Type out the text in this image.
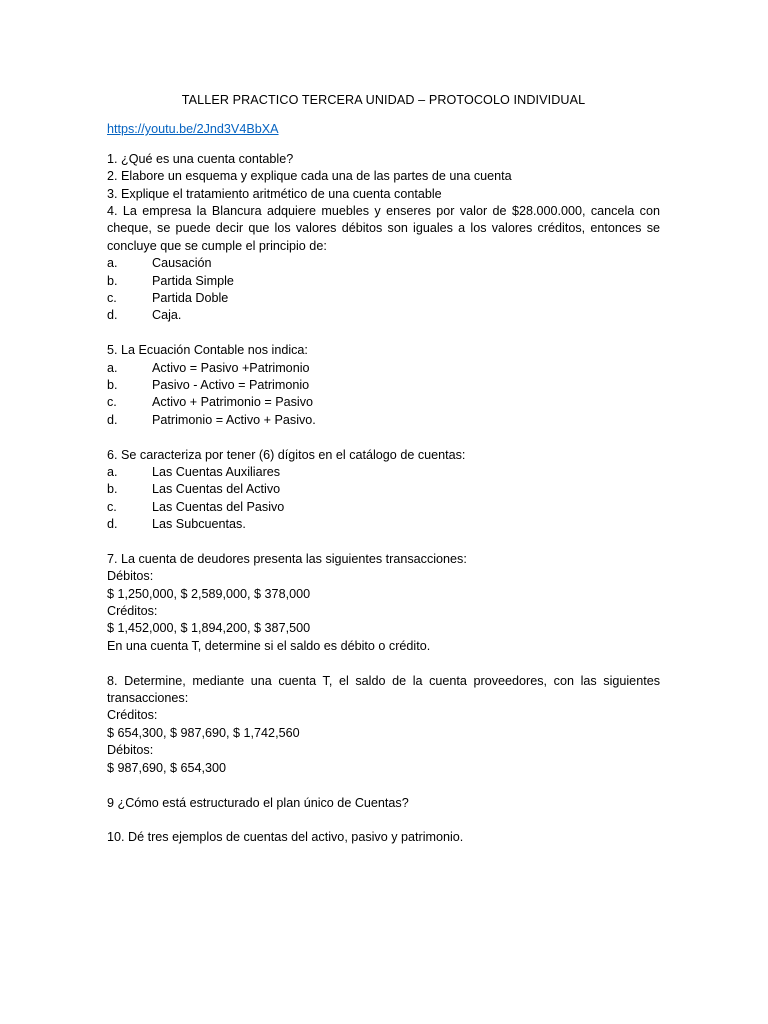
TALLER PRACTICO TERCERA UNIDAD – PROTOCOLO INDIVIDUAL
https://youtu.be/2Jnd3V4BbXA
1. ¿Qué es una cuenta contable?
2. Elabore un esquema y explique cada una de las partes de una cuenta
3. Explique el tratamiento aritmético de una cuenta contable
4. La empresa la Blancura adquiere muebles y enseres por valor de $28.000.000, cancela con
cheque, se puede decir que los valores débitos son iguales a los valores créditos, entonces se
concluye que se cumple el principio de:
a.	Causación
b.	Partida Simple
c.	Partida Doble
d.	Caja.
5. La Ecuación Contable nos indica:
a.	Activo = Pasivo +Patrimonio
b.	Pasivo - Activo = Patrimonio
c.	Activo + Patrimonio = Pasivo
d.	Patrimonio = Activo + Pasivo.
6. Se caracteriza por tener (6) dígitos en el catálogo de cuentas:
a.	Las Cuentas Auxiliares
b.	Las Cuentas del Activo
c.	Las Cuentas del Pasivo
d.	Las Subcuentas.
7. La cuenta de deudores presenta las siguientes transacciones:
Débitos:
$ 1,250,000, $ 2,589,000, $ 378,000
Créditos:
$ 1,452,000, $ 1,894,200, $ 387,500
En una cuenta T, determine si el saldo es débito o crédito.
8. Determine, mediante una cuenta T, el saldo de la cuenta proveedores, con las siguientes
transacciones:
Créditos:
$ 654,300, $ 987,690, $ 1,742,560
Débitos:
$ 987,690, $ 654,300
9 ¿Cómo está estructurado el plan único de Cuentas?
10. Dé tres ejemplos de cuentas del activo, pasivo y patrimonio.
